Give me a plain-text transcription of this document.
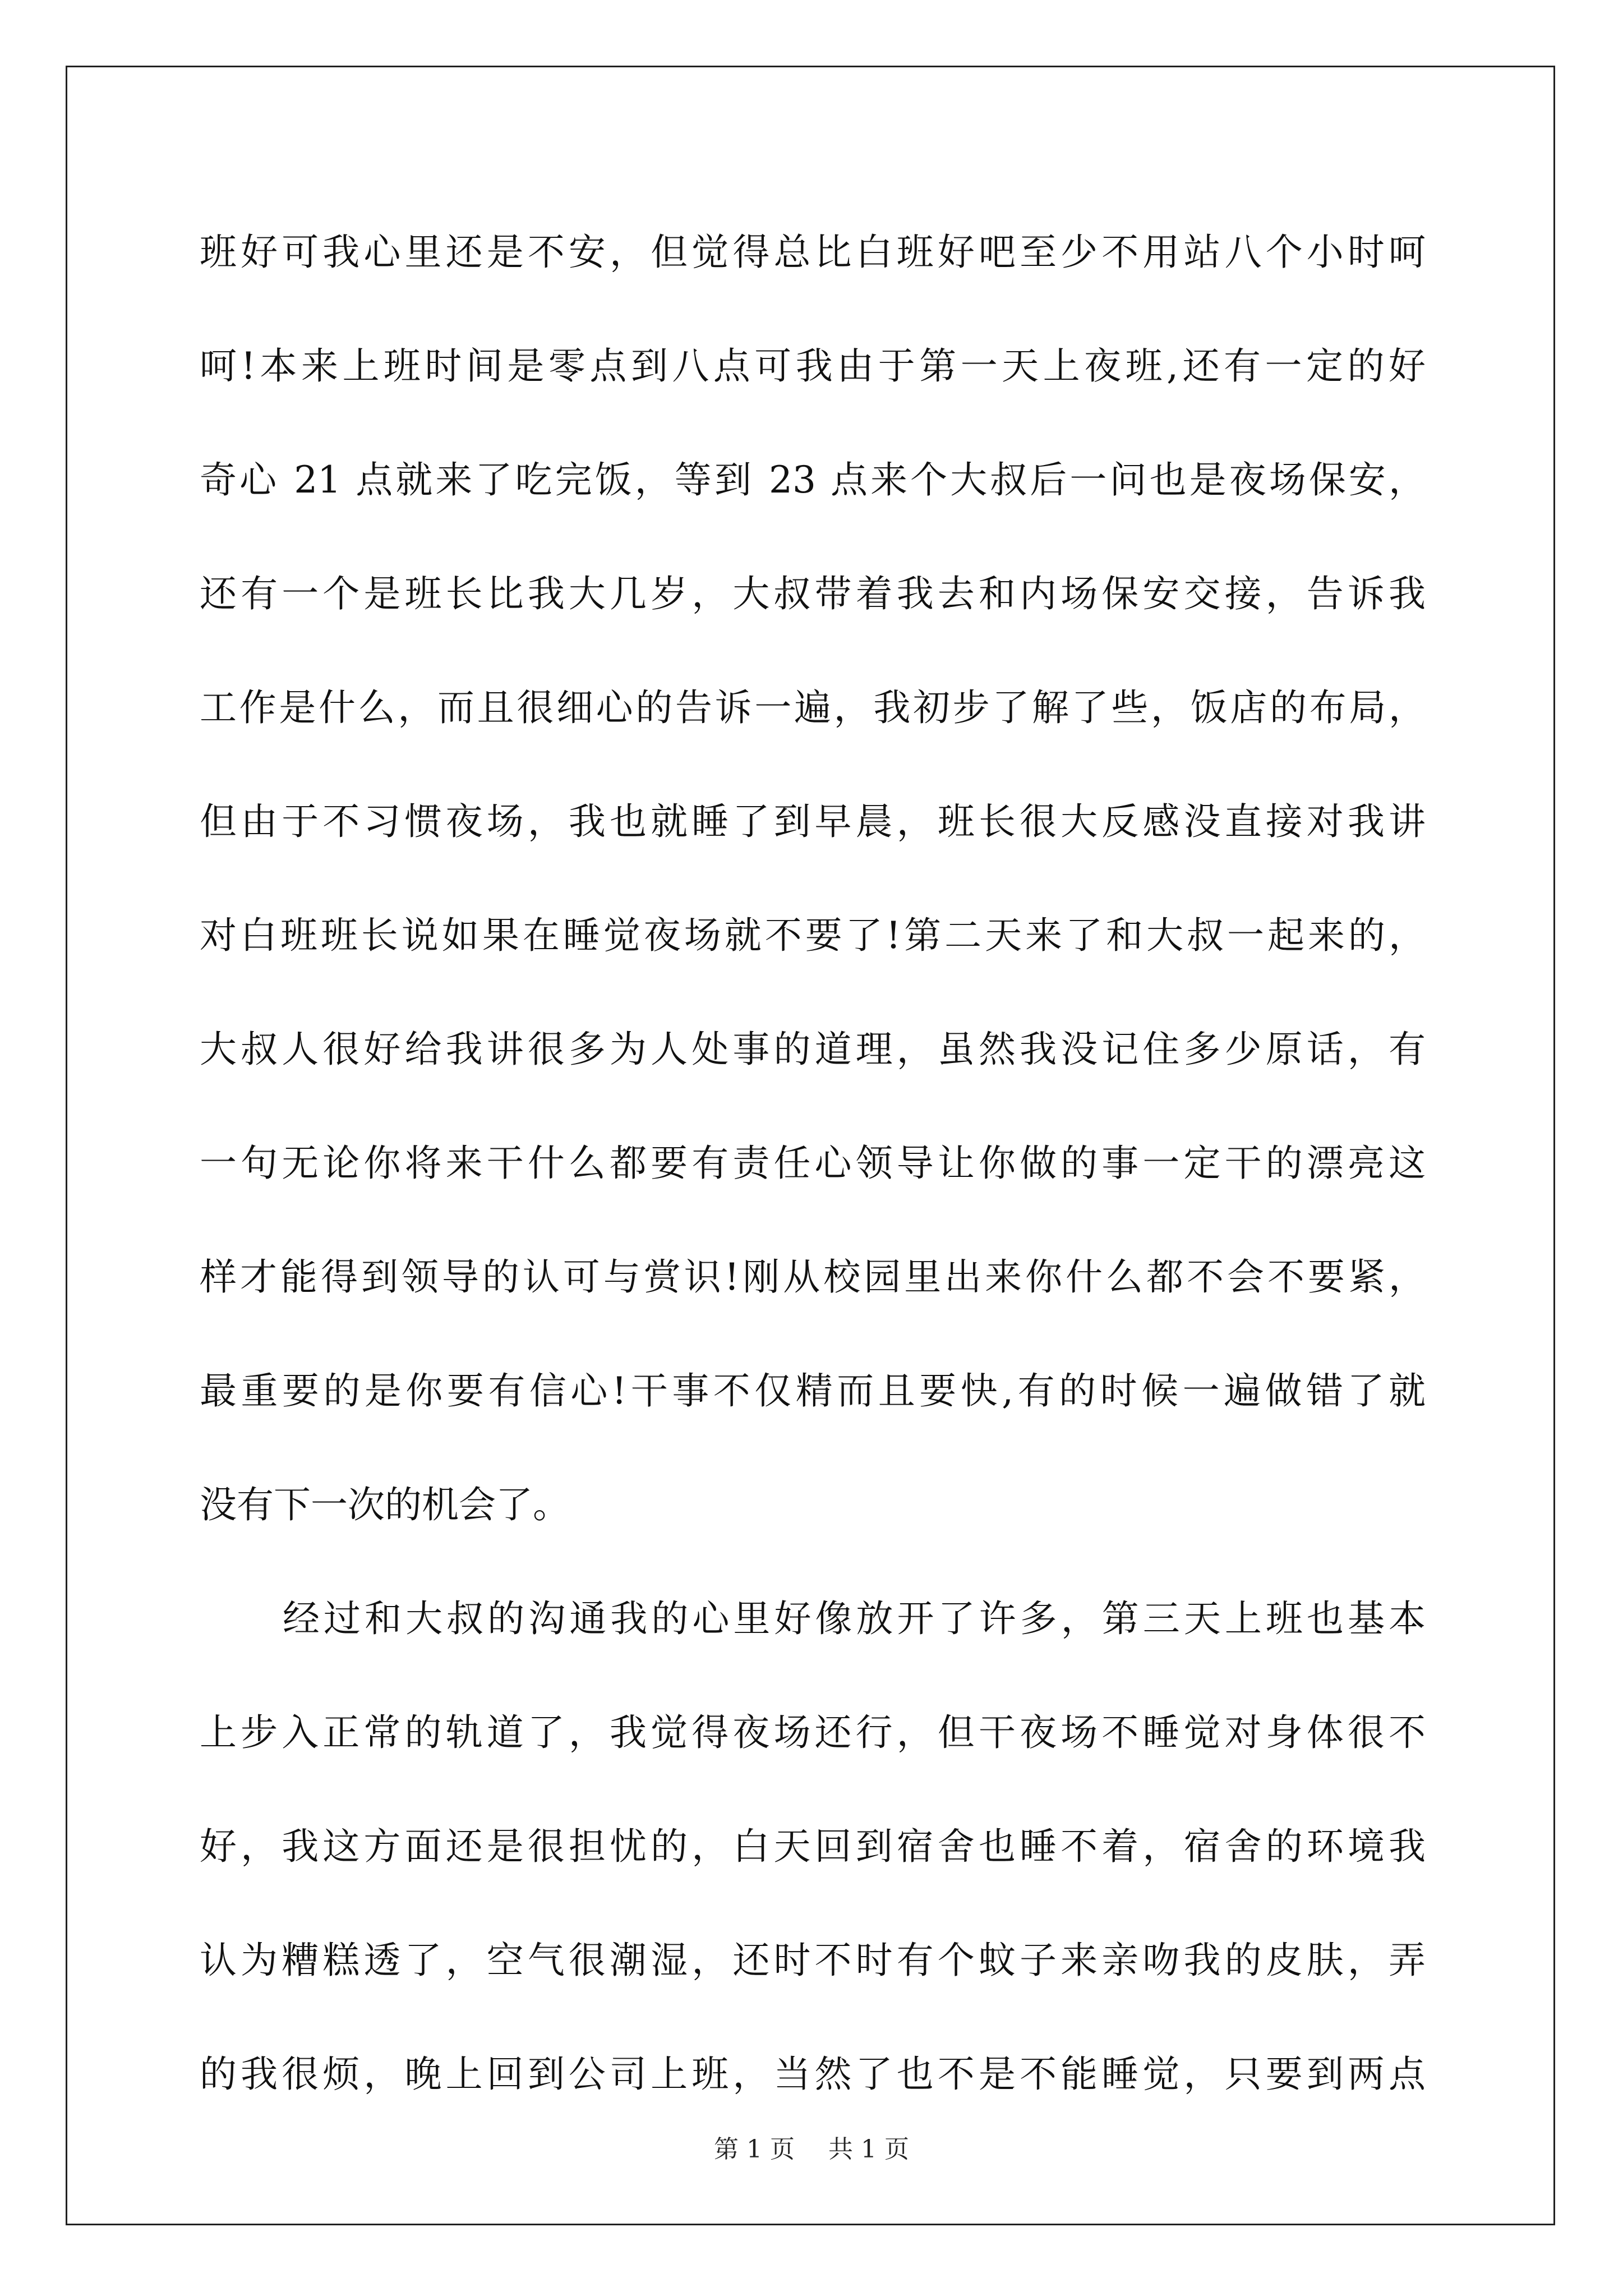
班好可我心里还是不安，但觉得总比白班好吧至少不用站八个小时呵
呵!本来上班时间是零点到八点可我由于第一天上夜班,还有一定的好
奇心 21 点就来了吃完饭，等到 23 点来个大叔后一问也是夜场保安，
还有一个是班长比我大几岁，大叔带着我去和内场保安交接，告诉我
工作是什么，而且很细心的告诉一遍，我初步了解了些，饭店的布局，
但由于不习惯夜场，我也就睡了到早晨，班长很大反感没直接对我讲
对白班班长说如果在睡觉夜场就不要了!第二天来了和大叔一起来的，
大叔人很好给我讲很多为人处事的道理，虽然我没记住多少原话，有
一句无论你将来干什么都要有责任心领导让你做的事一定干的漂亮这
样才能得到领导的认可与赏识!刚从校园里出来你什么都不会不要紧，
最重要的是你要有信心!干事不仅精而且要快,有的时候一遍做错了就
没有下一次的机会了。
经过和大叔的沟通我的心里好像放开了许多，第三天上班也基本
上步入正常的轨道了，我觉得夜场还行，但干夜场不睡觉对身体很不
好，我这方面还是很担忧的，白天回到宿舍也睡不着，宿舍的环境我
认为糟糕透了，空气很潮湿，还时不时有个蚊子来亲吻我的皮肤，弄
的我很烦，晚上回到公司上班，当然了也不是不能睡觉，只要到两点
第 1 页 共 1 页
